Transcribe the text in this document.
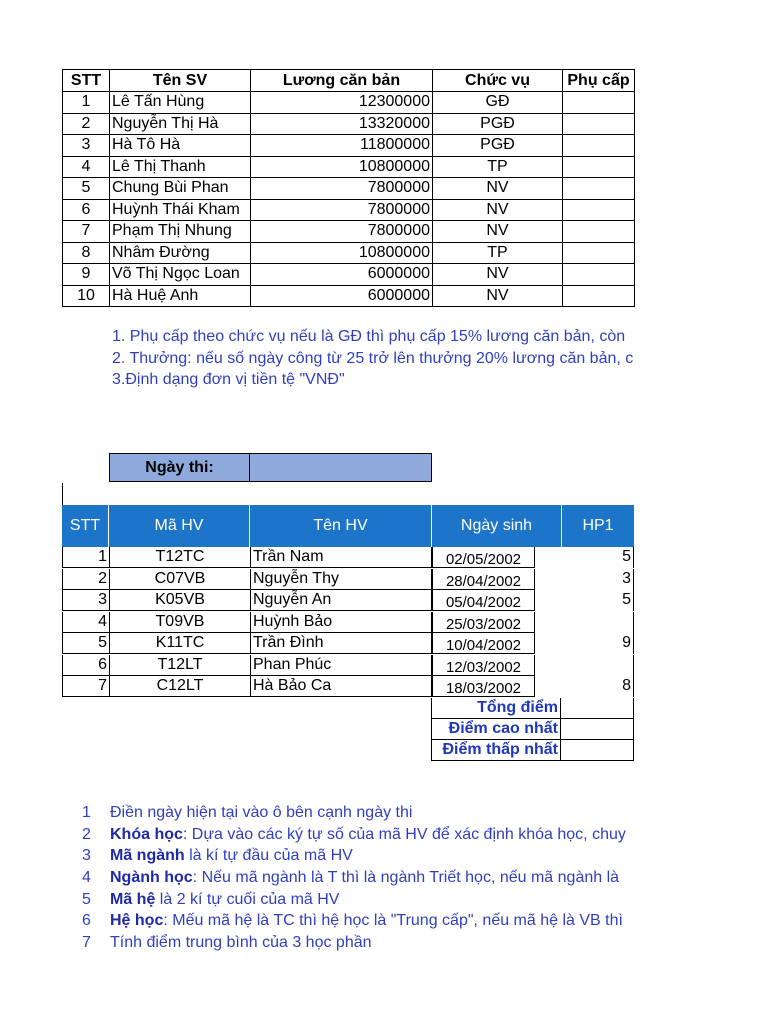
STT	Tên SV	Lương căn bản	Chức vụ	Phụ cấp
1	Lê Tấn Hùng	12300000	GĐ	
2	Nguyễn Thị Hà	13320000	PGĐ	
3	Hà Tô Hà	11800000	PGĐ	
4	Lê Thị Thanh	10800000	TP	
5	Chung Bùi Phan	7800000	NV	
6	Huỳnh Thái Kham	7800000	NV	
7	Phạm Thị Nhung	7800000	NV	
8	Nhâm Đường	10800000	TP	
9	Võ Thị Ngọc Loan	6000000	NV	
10	Hà Huệ Anh	6000000	NV	
1. Phụ cấp theo chức vụ nếu là GĐ thì phụ cấp 15% lương căn bản, còn
2. Thưởng: nếu số ngày công từ 25 trở lên thưởng 20% lương căn bản, c
3.Định dạng đơn vị tiền tệ "VNĐ"
Ngày thi:
STT	Mã HV	Tên HV	Ngày sinh	HP1
1	T12TC	Trần Nam	02/05/2002	5
2	C07VB	Nguyễn Thy	28/04/2002	3
3	K05VB	Nguyễn An	05/04/2002	5
4	T09VB	Huỳnh Bảo	25/03/2002
5	K11TC	Trần Đình	10/04/2002	9
6	T12LT	Phan Phúc	12/03/2002
7	C12LT	Hà Bảo Ca	18/03/2002	8
Tổng điểm
Điểm cao nhất
Điểm thấp nhất
1 Điền ngày hiện tại vào ô bên cạnh ngày thi
2 Khóa học: Dựa vào các ký tự số của mã HV để xác định khóa học, chuy
3 Mã ngành là kí tự đầu của mã HV
4 Ngành học: Nếu mã ngành là T thì là ngành Triết học, nếu mã ngành là
5 Mã hệ là 2 kí tự cuối của mã HV
6 Hệ học: Mếu mã hệ là TC thì hệ học là "Trung cấp", nếu mã hệ là VB thì
7 Tính điểm trung bình của 3 học phần
